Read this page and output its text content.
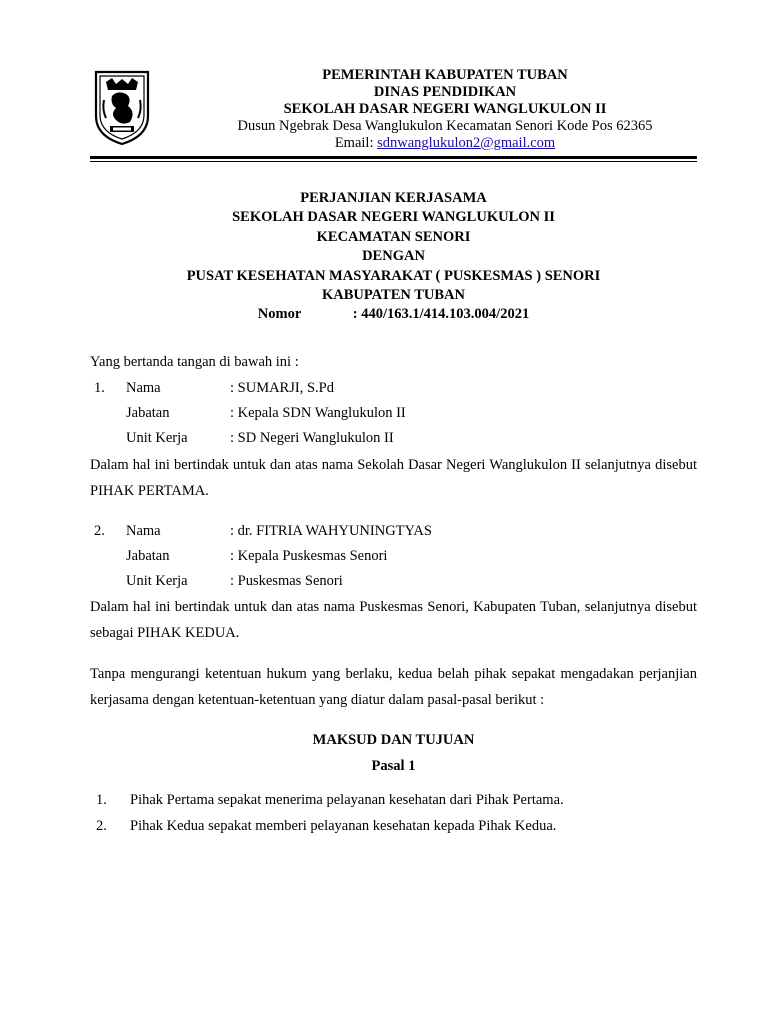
PEMERINTAH KABUPATEN TUBAN
DINAS PENDIDIKAN
SEKOLAH DASAR NEGERI WANGLUKULON II
Dusun Ngebrak Desa Wanglukulon Kecamatan Senori Kode Pos 62365
Email: sdnwanglukulon2@gmail.com
PERJANJIAN KERJASAMA
SEKOLAH DASAR NEGERI WANGLUKULON II
KECAMATAN SENORI
DENGAN
PUSAT KESEHATAN MASYARAKAT ( PUSKESMAS ) SENORI
KABUPATEN TUBAN
Nomor	: 440/163.1/414.103.004/2021
Yang bertanda tangan di bawah ini :
1. Nama	: SUMARJI, S.Pd
Jabatan	: Kepala SDN Wanglukulon II
Unit Kerja	: SD Negeri Wanglukulon II

Dalam hal ini bertindak untuk dan atas nama Sekolah Dasar Negeri Wanglukulon II selanjutnya disebut PIHAK PERTAMA.

2. Nama	: dr. FITRIA WAHYUNINGTYAS
Jabatan	: Kepala Puskesmas Senori
Unit Kerja	: Puskesmas Senori

Dalam hal ini bertindak untuk dan atas nama Puskesmas Senori, Kabupaten Tuban, selanjutnya disebut sebagai PIHAK KEDUA.

Tanpa mengurangi ketentuan hukum yang berlaku, kedua belah pihak sepakat mengadakan perjanjian kerjasama dengan ketentuan-ketentuan yang diatur dalam pasal-pasal berikut :

MAKSUD DAN TUJUAN
Pasal 1
1. Pihak Pertama sepakat menerima pelayanan kesehatan dari Pihak Pertama.
2. Pihak Kedua sepakat memberi pelayanan kesehatan kepada Pihak Kedua.
